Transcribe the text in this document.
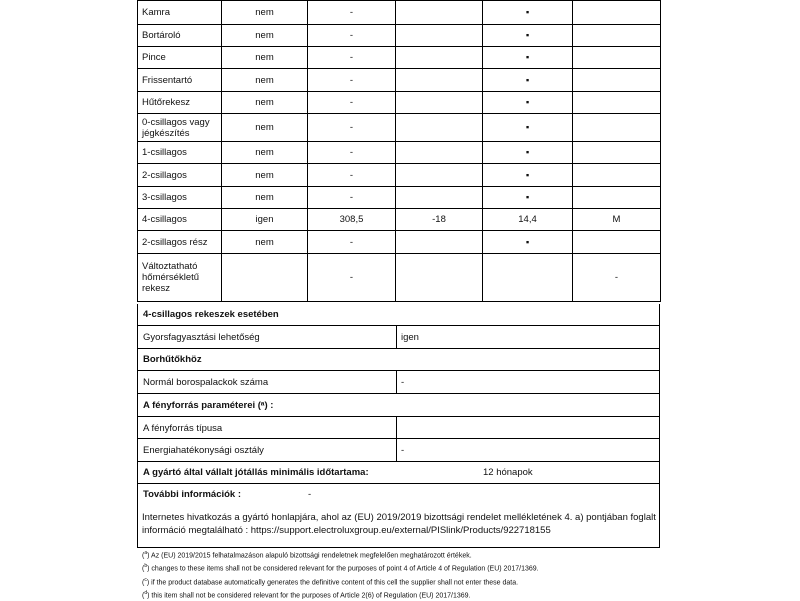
Kamra	nem	-		▪	
Bortároló	nem	-		▪	
Pince	nem	-		▪	
Frissentartó	nem	-		▪	
Hűtőrekesz	nem	-		▪	
0-csillagos vagy jégkészítés	nem	-		▪	
1-csillagos	nem	-		▪	
2-csillagos	nem	-		▪	
3-csillagos	nem	-		▪	
4-csillagos	igen	308,5	-18	14,4	M
2-csillagos rész	nem	-		▪	
Változtatható hőmérsékletű rekesz		-			-
4-csillagos rekeszek esetében
Gyorsfagyasztási lehetőség	igen
Borhűtőkhöz
Normál borospalackok száma	-
A fényforrás paraméterei (ᵃ) :
A fényforrás típusa
Energiahatékonysági osztály	-
A gyártó által vállalt jótállás minimális időtartama:	12 hónapok
További információk :	-
Internetes hivatkozás a gyártó honlapjára, ahol az (EU) 2019/2019 bizottsági rendelet mellékletének 4. a) pontjában foglalt információ megtalálható : https://support.electroluxgroup.eu/external/PISlink/Products/922718155
($^a$) Az (EU) 2019/2015 felhatalmazáson alapuló bizottsági rendeletnek megfelelően meghatározott értékek.
($^b$) changes to these items shall not be considered relevant for the purposes of point 4 of Article 4 of Regulation (EU) 2017/1369.
($^c$) if the product database automatically generates the definitive content of this cell the supplier shall not enter these data.
($^d$) this item shall not be considered relevant for the purposes of Article 2(6) of Regulation (EU) 2017/1369.
